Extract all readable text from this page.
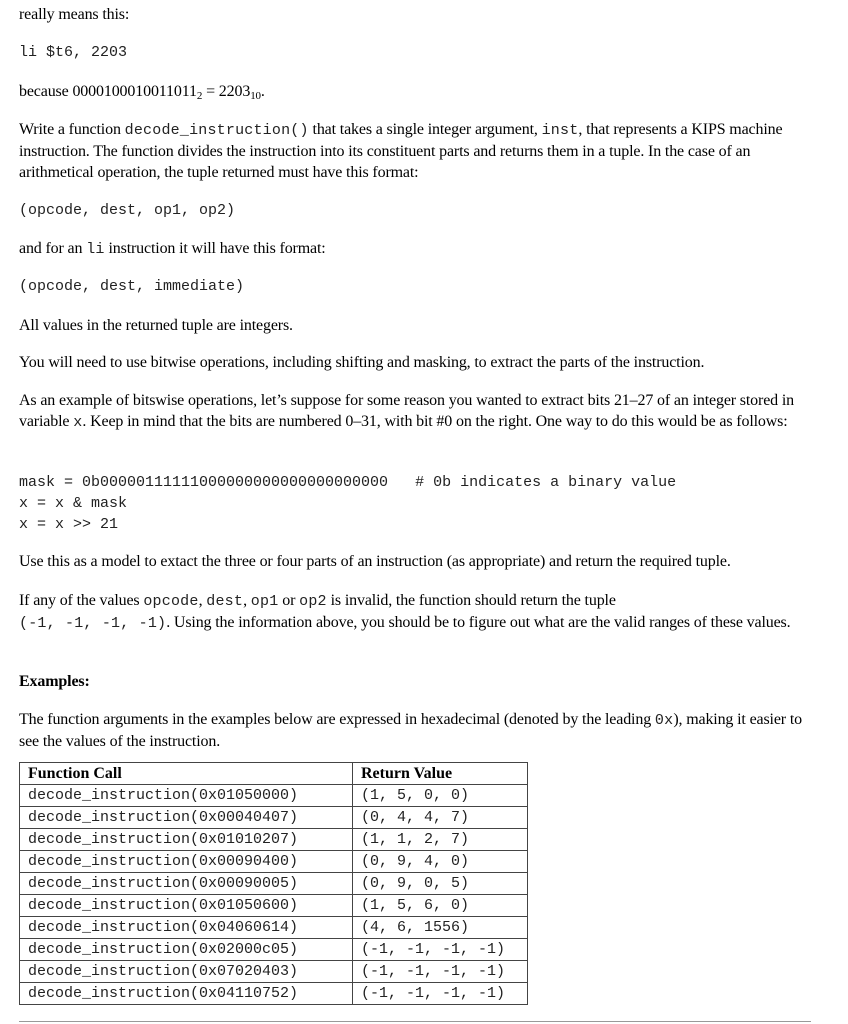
really means this:
li $t6, 2203
because $0000100010011011_2 = 2203_{10}$.
Write a function decode_instruction() that takes a single integer argument, inst, that represents a KIPS machine instruction. The function divides the instruction into its constituent parts and returns them in a tuple. In the case of an arithmetical operation, the tuple returned must have this format:
(opcode, dest, op1, op2)
and for an li instruction it will have this format:
(opcode, dest, immediate)
All values in the returned tuple are integers.
You will need to use bitwise operations, including shifting and masking, to extract the parts of the instruction.
As an example of bitswise operations, let’s suppose for some reason you wanted to extract bits 21–27 of an integer stored in variable x. Keep in mind that the bits are numbered 0–31, with bit #0 on the right. One way to do this would be as follows:
mask = 0b00000111111000000000000000000000   # 0b indicates a binary value
x = x & mask
x = x >> 21
Use this as a model to extact the three or four parts of an instruction (as appropriate) and return the required tuple.
If any of the values opcode, dest, op1 or op2 is invalid, the function should return the tuple
(-1, -1, -1, -1). Using the information above, you should be to figure out what are the valid ranges of these values.
Examples:
The function arguments in the examples below are expressed in hexadecimal (denoted by the leading 0x), making it easier to see the values of the instruction.
Function Call	Return Value
decode_instruction(0x01050000)	(1, 5, 0, 0)
decode_instruction(0x00040407)	(0, 4, 4, 7)
decode_instruction(0x01010207)	(1, 1, 2, 7)
decode_instruction(0x00090400)	(0, 9, 4, 0)
decode_instruction(0x00090005)	(0, 9, 0, 5)
decode_instruction(0x01050600)	(1, 5, 6, 0)
decode_instruction(0x04060614)	(4, 6, 1556)
decode_instruction(0x02000c05)	(-1, -1, -1, -1)
decode_instruction(0x07020403)	(-1, -1, -1, -1)
decode_instruction(0x04110752)	(-1, -1, -1, -1)
